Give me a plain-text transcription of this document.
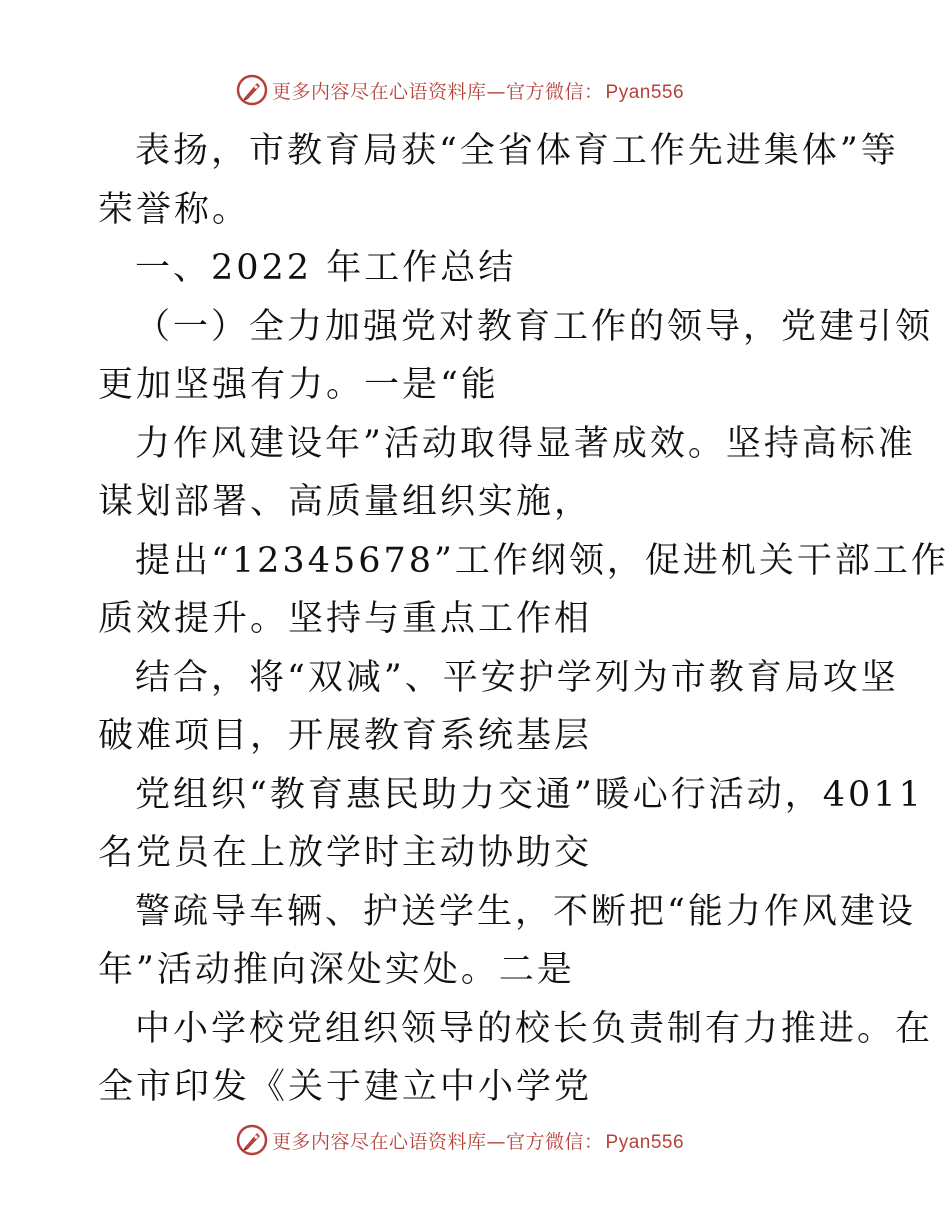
更多内容尽在心语资料库—官方微信： Pyan556
表扬，市教育局获“全省体育工作先进集体”等
荣誉称。
一、2022 年工作总结
（一）全力加强党对教育工作的领导，党建引领
更加坚强有力。一是“能
力作风建设年”活动取得显著成效。坚持高标准
谋划部署、高质量组织实施，
提出“12345678”工作纲领，促进机关干部工作
质效提升。坚持与重点工作相
结合，将“双减”、平安护学列为市教育局攻坚
破难项目，开展教育系统基层
党组织“教育惠民助力交通”暖心行活动，4011
名党员在上放学时主动协助交
警疏导车辆、护送学生，不断把“能力作风建设
年”活动推向深处实处。二是
中小学校党组织领导的校长负责制有力推进。在
全市印发《关于建立中小学党
更多内容尽在心语资料库—官方微信： Pyan556
